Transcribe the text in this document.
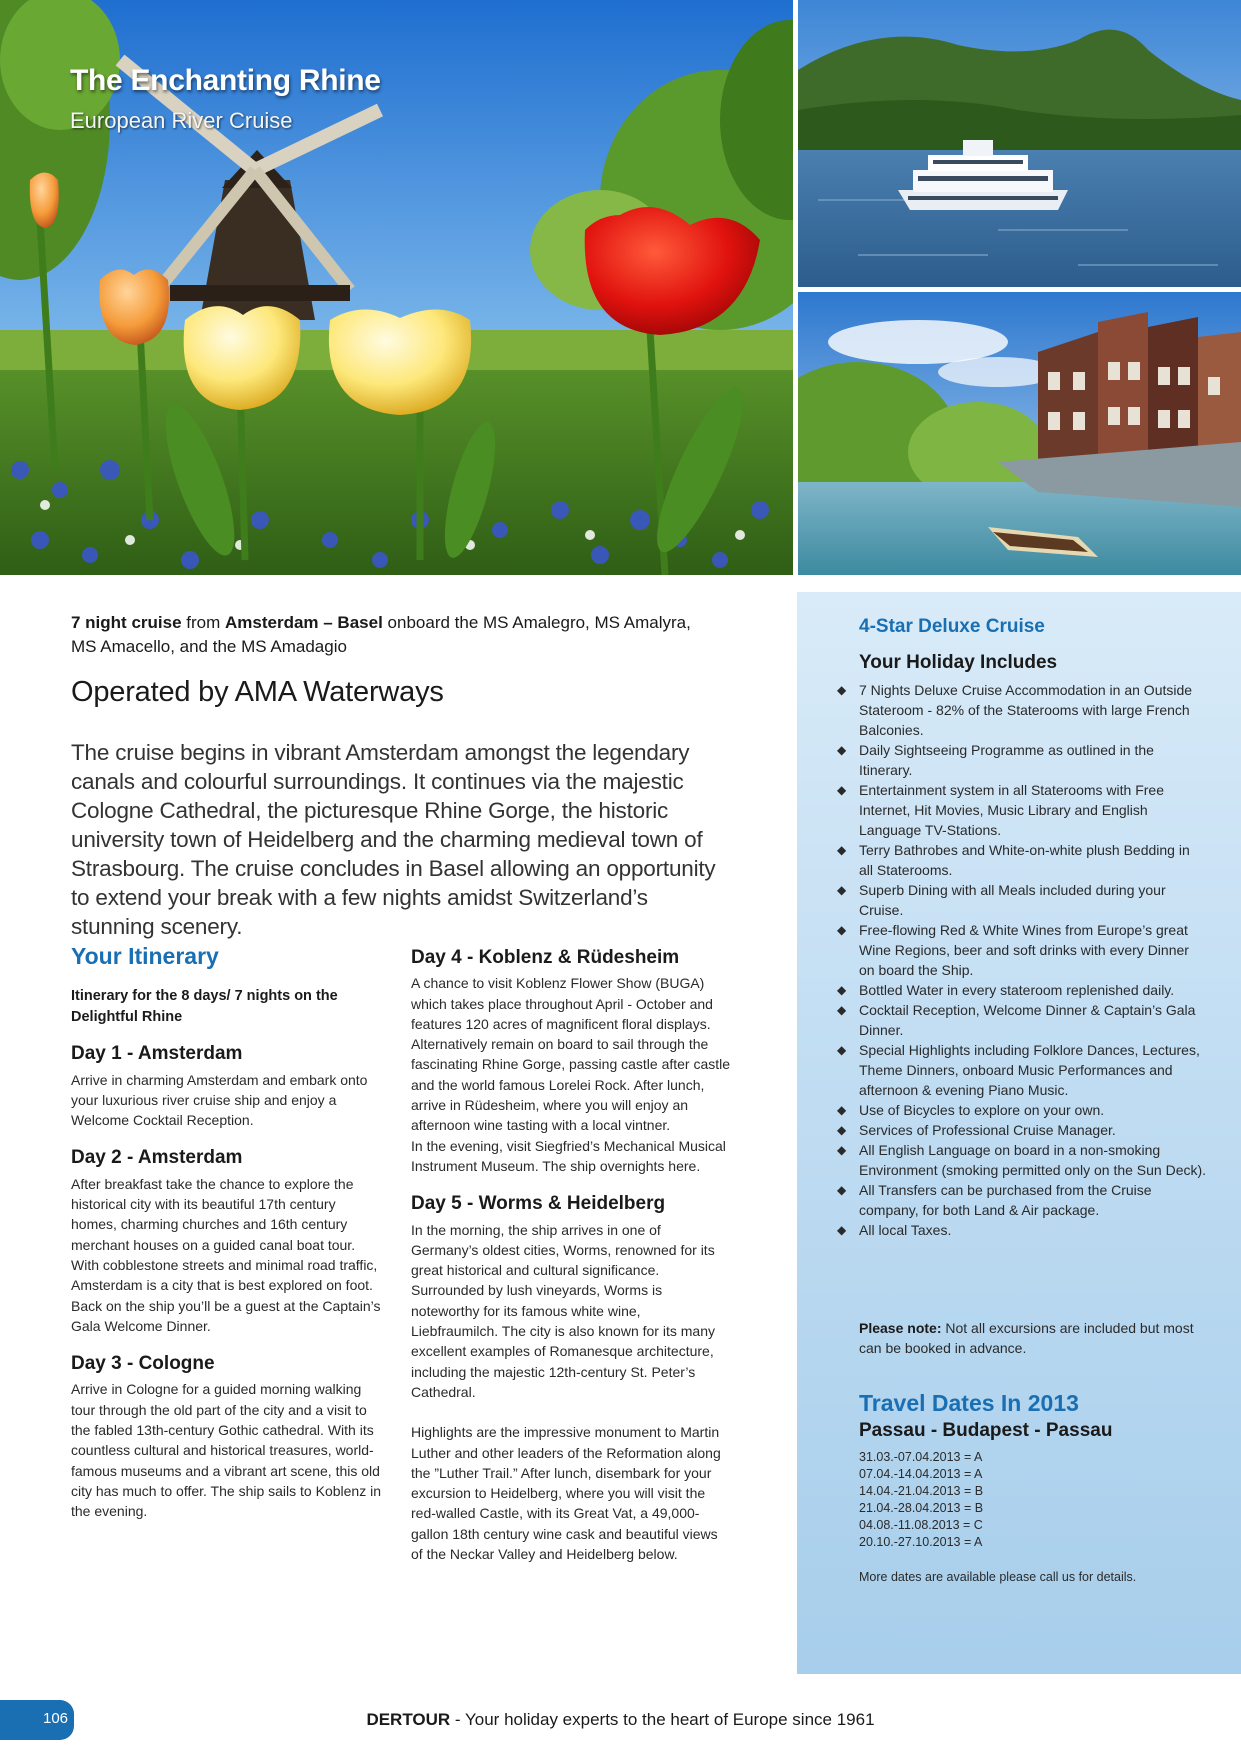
The Enchanting Rhine
European River Cruise
7 night cruise from Amsterdam – Basel onboard the MS Amalegro, MS Amalyra, MS Amacello, and the MS Amadagio
Operated by AMA Waterways
The cruise begins in vibrant Amsterdam amongst the legendary canals and colourful surroundings. It continues via the majestic Cologne Cathedral, the picturesque Rhine Gorge, the historic university town of Heidelberg and the charming medieval town of Strasbourg. The cruise concludes in Basel allowing an opportunity to extend your break with a few nights amidst Switzerland’s stunning scenery.
Your Itinerary
Itinerary for the 8 days/ 7 nights on the Delightful Rhine
Day 1 - Amsterdam
Arrive in charming Amsterdam and embark onto your luxurious river cruise ship and enjoy a Welcome Cocktail Reception.
Day 2 - Amsterdam
After breakfast take the chance to explore the historical city with its beautiful 17th century homes, charming churches and 16th century merchant houses on a guided canal boat tour. With cobblestone streets and minimal road traffic, Amsterdam is a city that is best explored on foot. Back on the ship you’ll be a guest at the Captain’s Gala Welcome Dinner.
Day 3 - Cologne
Arrive in Cologne for a guided morning walking tour through the old part of the city and a visit to the fabled 13th-century Gothic cathedral. With its countless cultural and historical treasures, world-famous museums and a vibrant art scene, this old city has much to offer. The ship sails to Koblenz in the evening.
Day 4 - Koblenz & Rüdesheim
A chance to visit Koblenz Flower Show (BUGA) which takes place throughout April - October and features 120 acres of magnificent floral displays. Alternatively remain on board to sail through the fascinating Rhine Gorge, passing castle after castle and the world famous Lorelei Rock. After lunch, arrive in Rüdesheim, where you will enjoy an afternoon wine tasting with a local vintner.
In the evening, visit Siegfried’s Mechanical Musical Instrument Museum. The ship overnights here.
Day 5 - Worms & Heidelberg
In the morning, the ship arrives in one of Germany’s oldest cities, Worms, renowned for its great historical and cultural significance. Surrounded by lush vineyards, Worms is noteworthy for its famous white wine, Liebfraumilch. The city is also known for its many excellent examples of Romanesque architecture, including the majestic 12th-century St. Peter’s Cathedral.
Highlights are the impressive monument to Martin Luther and other leaders of the Reformation along the ”Luther Trail.” After lunch, disembark for your excursion to Heidelberg, where you will visit the red-walled Castle, with its Great Vat, a 49,000-gallon 18th century wine cask and beautiful views of the Neckar Valley and Heidelberg below.
4-Star Deluxe Cruise
Your Holiday Includes
◆ 7 Nights Deluxe Cruise Accommodation in an Outside Stateroom - 82% of the Staterooms with large French Balconies.
◆ Daily Sightseeing Programme as outlined in the Itinerary.
◆ Entertainment system in all Staterooms with Free Internet, Hit Movies, Music Library and English Language TV-Stations.
◆ Terry Bathrobes and White-on-white plush Bedding in all Staterooms.
◆ Superb Dining with all Meals included during your Cruise.
◆ Free-flowing Red & White Wines from Europe’s great Wine Regions, beer and soft drinks with every Dinner on board the Ship.
◆ Bottled Water in every stateroom replenished daily.
◆ Cocktail Reception, Welcome Dinner & Captain’s Gala Dinner.
◆ Special Highlights including Folklore Dances, Lectures, Theme Dinners, onboard Music Performances and afternoon & evening Piano Music.
◆ Use of Bicycles to explore on your own.
◆ Services of Professional Cruise Manager.
◆ All English Language on board in a non-smoking Environment (smoking permitted only on the Sun Deck).
◆ All Transfers can be purchased from the Cruise company, for both Land & Air package.
◆ All local Taxes.
Please note: Not all excursions are included but most can be booked in advance.
Travel Dates In 2013
Passau - Budapest - Passau
31.03.-07.04.2013 = A
07.04.-14.04.2013 = A
14.04.-21.04.2013 = B
21.04.-28.04.2013 = B
04.08.-11.08.2013 = C
20.10.-27.10.2013 = A
More dates are available please call us for details.
106	DERTOUR - Your holiday experts to the heart of Europe since 1961
